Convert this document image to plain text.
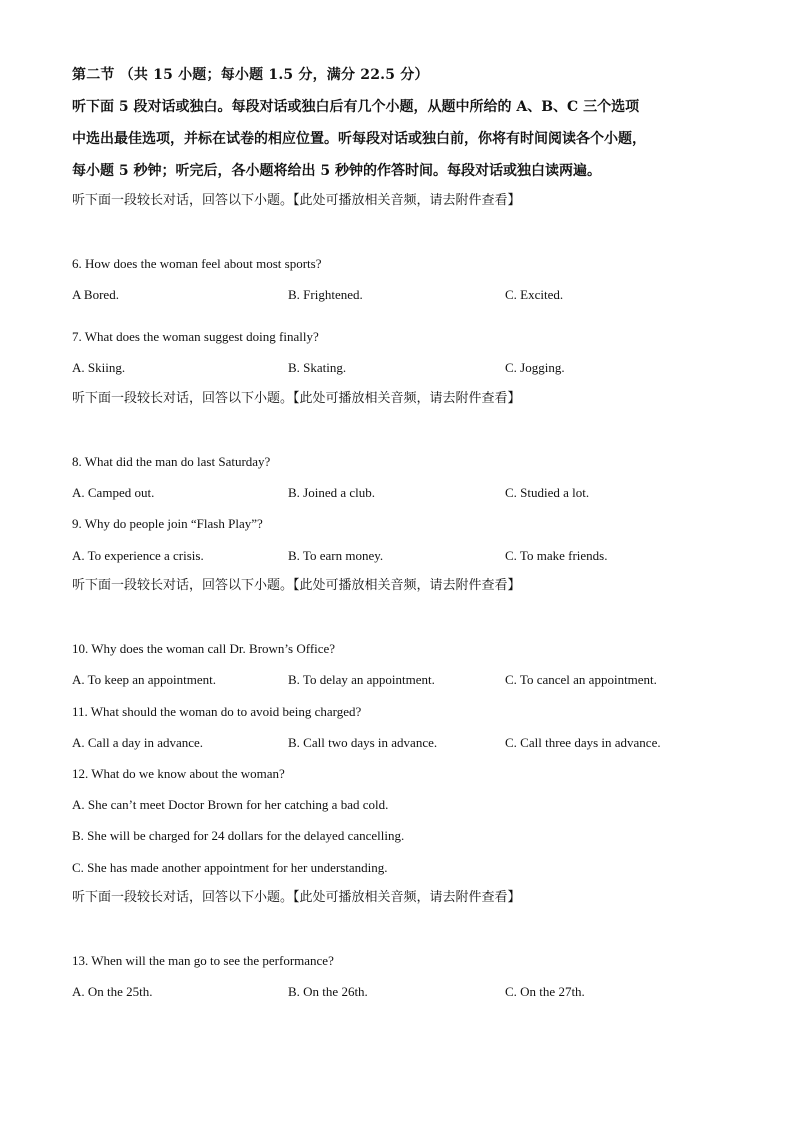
第二节 （共 15 小题；每小题 1.5 分，满分 22.5 分）
听下面 5 段对话或独白。每段对话或独白后有几个小题，从题中所给的 A、B、C 三个选项
中选出最佳选项，并标在试卷的相应位置。听每段对话或独白前，你将有时间阅读各个小题，
每小题 5 秒钟；听完后，各小题将给出 5 秒钟的作答时间。每段对话或独白读两遍。
听下面一段较长对话，回答以下小题。【此处可播放相关音频，请去附件查看】
6. How does the woman feel about most sports?
A Bored.	B. Frightened.	C. Excited.
7. What does the woman suggest doing finally?
A. Skiing.	B. Skating.	C. Jogging.
听下面一段较长对话，回答以下小题。【此处可播放相关音频，请去附件查看】
8. What did the man do last Saturday?
A. Camped out.	B. Joined a club.	C. Studied a lot.
9. Why do people join “Flash Play”?
A. To experience a crisis.	B. To earn money.	C. To make friends.
听下面一段较长对话，回答以下小题。【此处可播放相关音频，请去附件查看】
10. Why does the woman call Dr. Brown’s Office?
A. To keep an appointment.	B. To delay an appointment.	C. To cancel an appointment.
11. What should the woman do to avoid being charged?
A. Call a day in advance.	B. Call two days in advance.	C. Call three days in advance.
12. What do we know about the woman?
A. She can’t meet Doctor Brown for her catching a bad cold.
B. She will be charged for 24 dollars for the delayed cancelling.
C. She has made another appointment for her understanding.
听下面一段较长对话，回答以下小题。【此处可播放相关音频，请去附件查看】
13. When will the man go to see the performance?
A. On the 25th.	B. On the 26th.	C. On the 27th.
